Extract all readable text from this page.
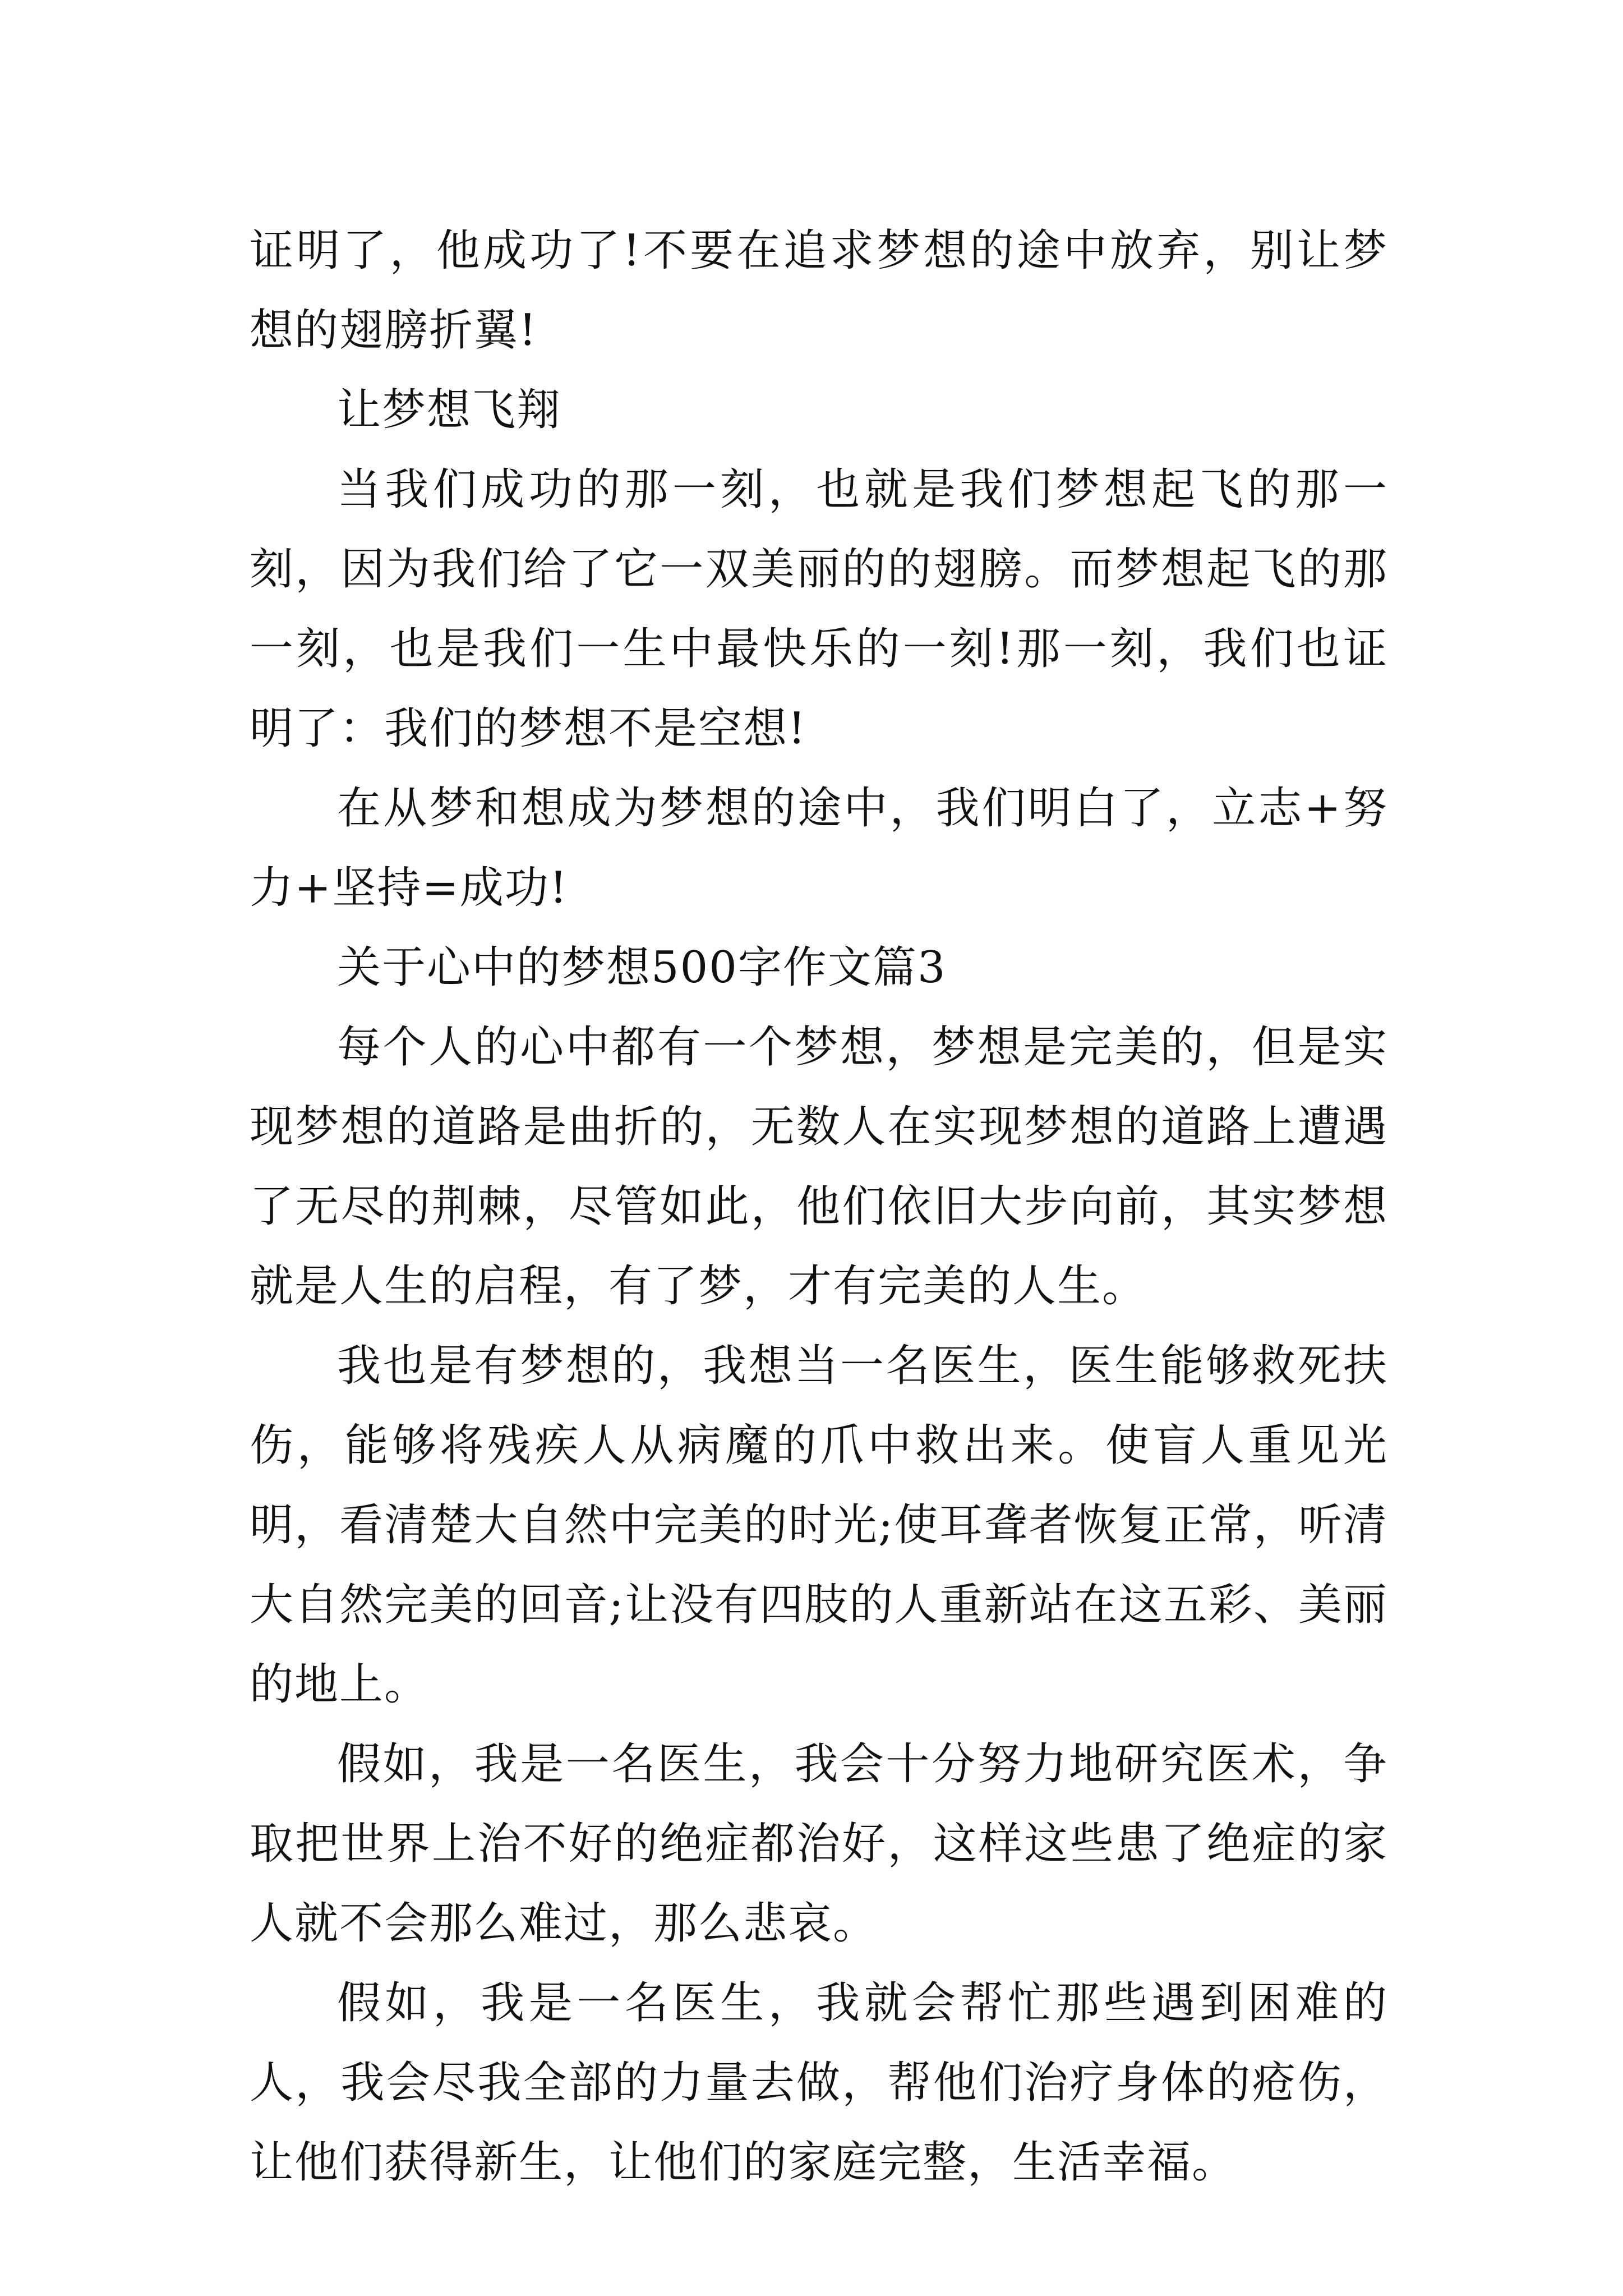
证明了，他成功了!不要在追求梦想的途中放弃，别让梦想的翅膀折翼!

让梦想飞翔

当我们成功的那一刻，也就是我们梦想起飞的那一刻，因为我们给了它一双美丽的的翅膀。而梦想起飞的那一刻，也是我们一生中最快乐的一刻!那一刻，我们也证明了：我们的梦想不是空想!

在从梦和想成为梦想的途中，我们明白了，立志+努力+坚持=成功!

关于心中的梦想500字作文篇3

每个人的心中都有一个梦想，梦想是完美的，但是实现梦想的道路是曲折的，无数人在实现梦想的道路上遭遇了无尽的荆棘，尽管如此，他们依旧大步向前，其实梦想就是人生的启程，有了梦，才有完美的人生。

我也是有梦想的，我想当一名医生，医生能够救死扶伤，能够将残疾人从病魔的爪中救出来。使盲人重见光明，看清楚大自然中完美的时光;使耳聋者恢复正常，听清大自然完美的回音;让没有四肢的人重新站在这五彩、美丽的地上。

假如，我是一名医生，我会十分努力地研究医术，争取把世界上治不好的绝症都治好，这样这些患了绝症的家人就不会那么难过，那么悲哀。

假如，我是一名医生，我就会帮忙那些遇到困难的人，我会尽我全部的力量去做，帮他们治疗身体的疮伤，让他们获得新生，让他们的家庭完整，生活幸福。
